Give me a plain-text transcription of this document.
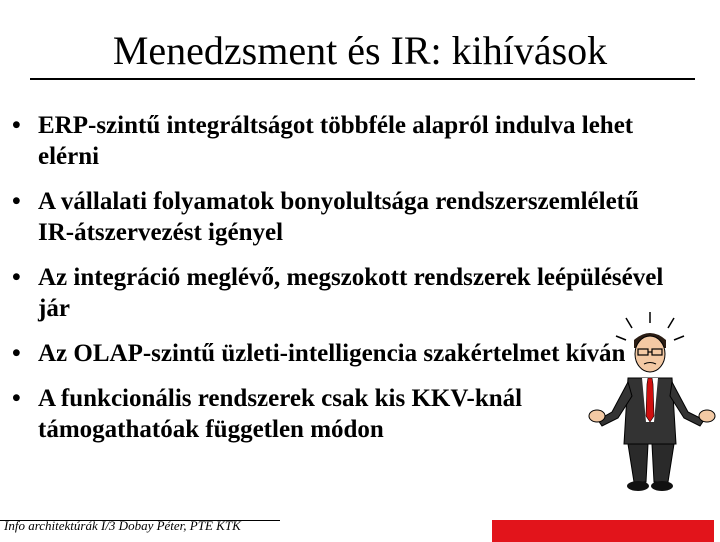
Menedzsment és IR: kihívások
• ERP-szintű integráltságot többféle alapról indulva lehet elérni
• A vállalati folyamatok bonyolultsága rendszerszemléletű IR-átszervezést igényel
• Az integráció meglévő, megszokott rendszerek leépülésével jár
• Az OLAP-szintű üzleti-intelligencia szakértelmet kíván
• A funkcionális rendszerek csak kis KKV-knál támogathatóak független módon
Info architektúrák I/3 Dobay Péter, PTE KTK
